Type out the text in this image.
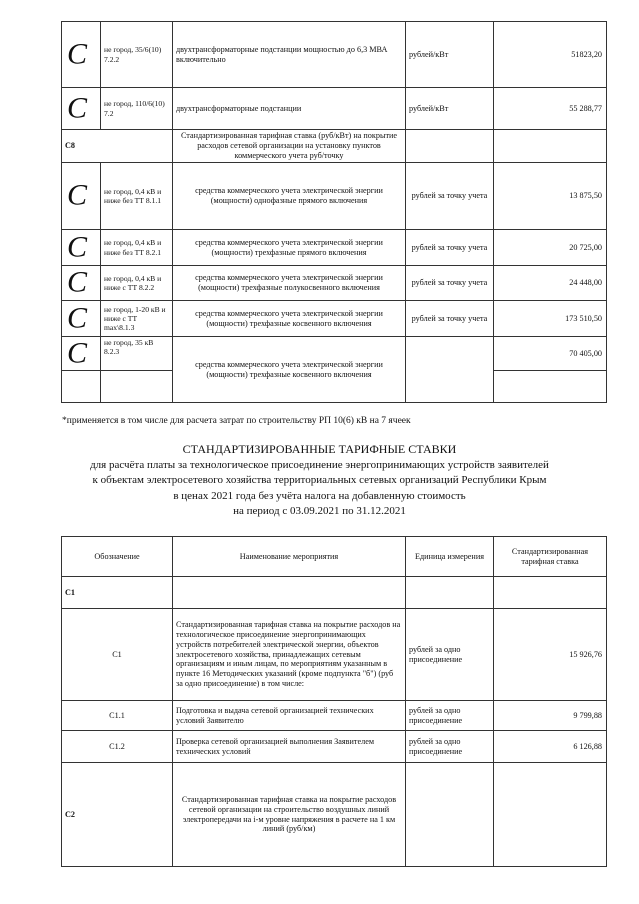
С	не город, 35/6(10) 7.2.2	двухтрансформаторные подстанции мощностью до 6,3 МВА включительно	рублей/кВт	51823,20

С	не город, 110/6(10) 7.2	двухтрансформаторные подстанции	рублей/кВт	55 288,77
С8		Стандартизированная тарифная ставка (руб/кВт) на покрытие расходов сетевой организации на установку пунктов коммерческого учета руб/точку		

С	не город, 0,4 кВ и ниже без ТТ 8.1.1	средства коммерческого учета электрической энергии (мощности) однофазные прямого включения	рублей за точку учета	13 875,50

С	не город, 0,4 кВ и ниже без ТТ 8.2.1	средства коммерческого учета электрической энергии (мощности) трехфазные прямого включения	рублей за точку учета	20 725,00

С	не город, 0,4 кВ и ниже с ТТ 8.2.2	средства коммерческого учета электрической энергии (мощности) трехфазные полукосвенного включения	рублей за точку учета	24 448,00

С	не город, 1-20 кВ и ниже с ТТ max\8.1.3	средства коммерческого учета электрической энергии (мощности) трехфазные косвенного включения	рублей за точку учета	173 510,50

С	не город, 35 кВ 8.2.3	средства коммерческого учета электрической энергии (мощности) трехфазные косвенного включения		70 405,00

*применяется в том числе для расчета затрат по строительству РП 10(6) кВ на 7 ячеек
СТАНДАРТИЗИРОВАННЫЕ ТАРИФНЫЕ СТАВКИ
для расчёта платы за технологическое присоединение энергопринимающих устройств заявителей
к объектам электросетевого хозяйства территориальных сетевых организаций Республики Крым
в ценах 2021 года без учёта налога на добавленную стоимость
на период с 03.09.2021 по 31.12.2021
Обозначение	Наименование мероприятия	Единица измерения	Стандартизированная тарифная ставка
С1			
С1	Стандартизированная тарифная ставка на покрытие расходов на технологическое присоединение энергопринимающих устройств потребителей электрической энергии, объектов электросетевого хозяйства, принадлежащих сетевым организациям и иным лицам, по мероприятиям указанным в пункте 16 Методических указаний (кроме подпункта "б") (руб за одно присоединение) в том числе:	рублей за одно присоединение	15 926,76
С1.1	Подготовка и выдача сетевой организацией технических условий Заявителю	рублей за одно присоединение	9 799,88
С1.2	Проверка сетевой организацией выполнения Заявителем технических условий	рублей за одно присоединение	6 126,88
С2	Стандартизированная тарифная ставка на покрытие расходов сетевой организации на строительство воздушных линий электропередачи на i-м уровне напряжения в расчете на 1 км линий (руб/км)		
